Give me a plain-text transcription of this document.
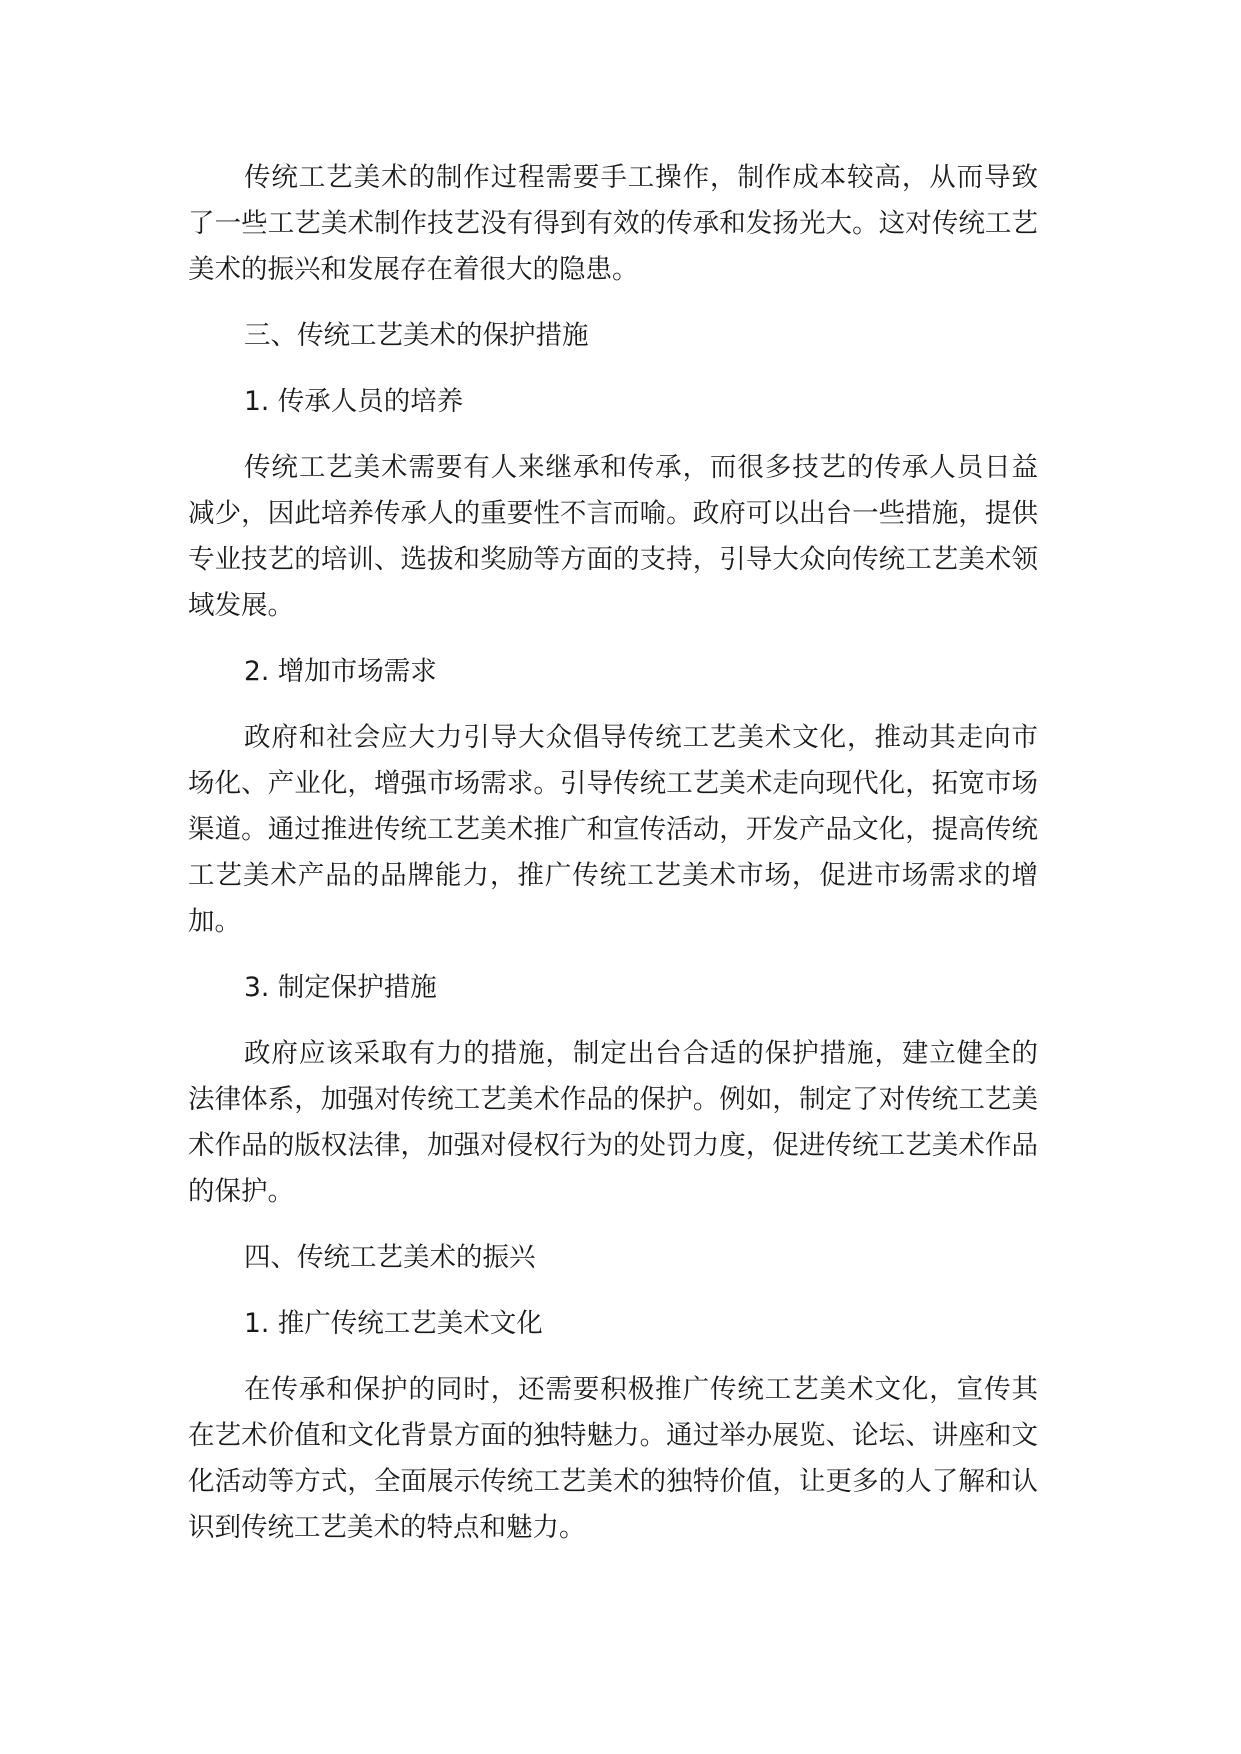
传统工艺美术的制作过程需要手工操作，制作成本较高，从而导致了一些工艺美术制作技艺没有得到有效的传承和发扬光大。这对传统工艺美术的振兴和发展存在着很大的隐患。

三、传统工艺美术的保护措施

1. 传承人员的培养

传统工艺美术需要有人来继承和传承，而很多技艺的传承人员日益减少，因此培养传承人的重要性不言而喻。政府可以出台一些措施，提供专业技艺的培训、选拔和奖励等方面的支持，引导大众向传统工艺美术领域发展。

2. 增加市场需求

政府和社会应大力引导大众倡导传统工艺美术文化，推动其走向市场化、产业化，增强市场需求。引导传统工艺美术走向现代化，拓宽市场渠道。通过推进传统工艺美术推广和宣传活动，开发产品文化，提高传统工艺美术产品的品牌能力，推广传统工艺美术市场，促进市场需求的增加。

3. 制定保护措施

政府应该采取有力的措施，制定出台合适的保护措施，建立健全的法律体系，加强对传统工艺美术作品的保护。例如，制定了对传统工艺美术作品的版权法律，加强对侵权行为的处罚力度，促进传统工艺美术作品的保护。

四、传统工艺美术的振兴

1. 推广传统工艺美术文化

在传承和保护的同时，还需要积极推广传统工艺美术文化，宣传其在艺术价值和文化背景方面的独特魅力。通过举办展览、论坛、讲座和文化活动等方式，全面展示传统工艺美术的独特价值，让更多的人了解和认识到传统工艺美术的特点和魅力。
